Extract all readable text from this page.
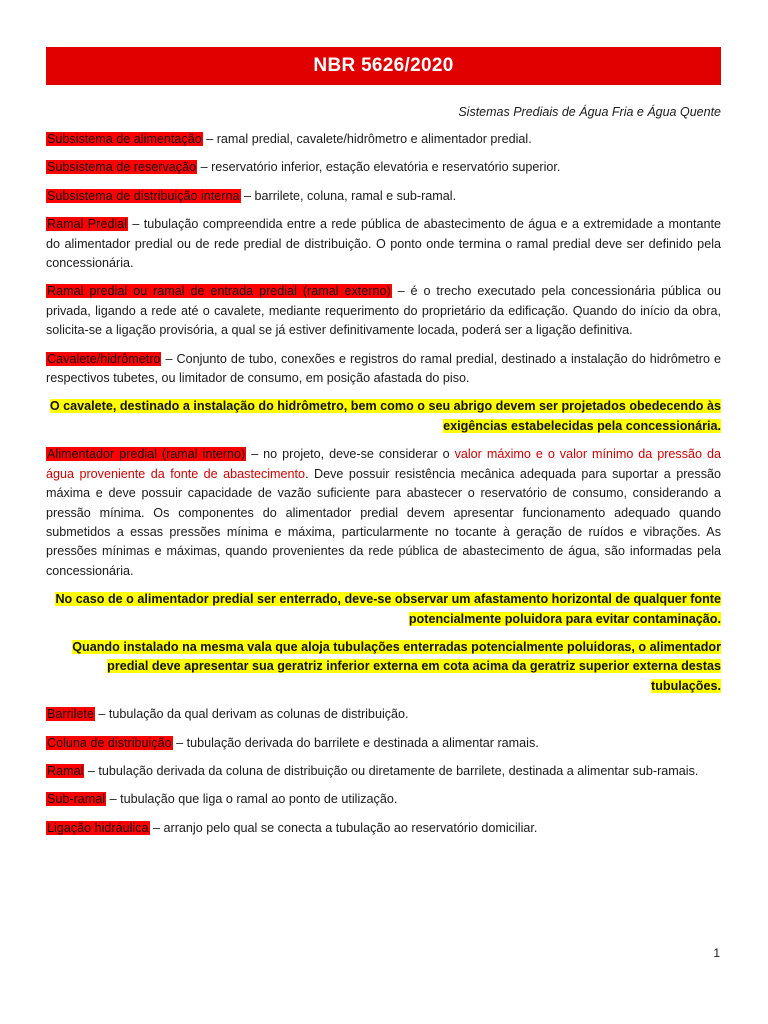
NBR 5626/2020
Sistemas Prediais de Água Fria e Água Quente

Subsistema de alimentação – ramal predial, cavalete/hidrômetro e alimentador predial.

Subsistema de reservação – reservatório inferior, estação elevatória e reservatório superior.

Subsistema de distribuição interna – barrilete, coluna, ramal e sub-ramal.

Ramal Predial – tubulação compreendida entre a rede pública de abastecimento de água e a extremidade a montante do alimentador predial ou de rede predial de distribuição. O ponto onde termina o ramal predial deve ser definido pela concessionária.

Ramal predial ou ramal de entrada predial (ramal externo) – é o trecho executado pela concessionária pública ou privada, ligando a rede até o cavalete, mediante requerimento do proprietário da edificação. Quando do início da obra, solicita-se a ligação provisória, a qual se já estiver definitivamente locada, poderá ser a ligação definitiva.

Cavalete/hidrômetro – Conjunto de tubo, conexões e registros do ramal predial, destinado a instalação do hidrômetro e respectivos tubetes, ou limitador de consumo, em posição afastada do piso.

O cavalete, destinado a instalação do hidrômetro, bem como o seu abrigo devem ser projetados obedecendo às exigências estabelecidas pela concessionária.

Alimentador predial (ramal interno) – no projeto, deve-se considerar o valor máximo e o valor mínimo da pressão da água proveniente da fonte de abastecimento. Deve possuir resistência mecânica adequada para suportar a pressão máxima e deve possuir capacidade de vazão suficiente para abastecer o reservatório de consumo, considerando a pressão mínima. Os componentes do alimentador predial devem apresentar funcionamento adequado quando submetidos a essas pressões mínima e máxima, particularmente no tocante à geração de ruídos e vibrações. As pressões mínimas e máximas, quando provenientes da rede pública de abastecimento de água, são informadas pela concessionária.

No caso de o alimentador predial ser enterrado, deve-se observar um afastamento horizontal de qualquer fonte potencialmente poluidora para evitar contaminação.

Quando instalado na mesma vala que aloja tubulações enterradas potencialmente poluidoras, o alimentador predial deve apresentar sua geratriz inferior externa em cota acima da geratriz superior externa destas tubulações.

Barrilete – tubulação da qual derivam as colunas de distribuição.

Coluna de distribuição – tubulação derivada do barrilete e destinada a alimentar ramais.

Ramal – tubulação derivada da coluna de distribuição ou diretamente de barrilete, destinada a alimentar sub-ramais.

Sub-ramal – tubulação que liga o ramal ao ponto de utilização.

Ligação hidráulica – arranjo pelo qual se conecta a tubulação ao reservatório domiciliar.

1
